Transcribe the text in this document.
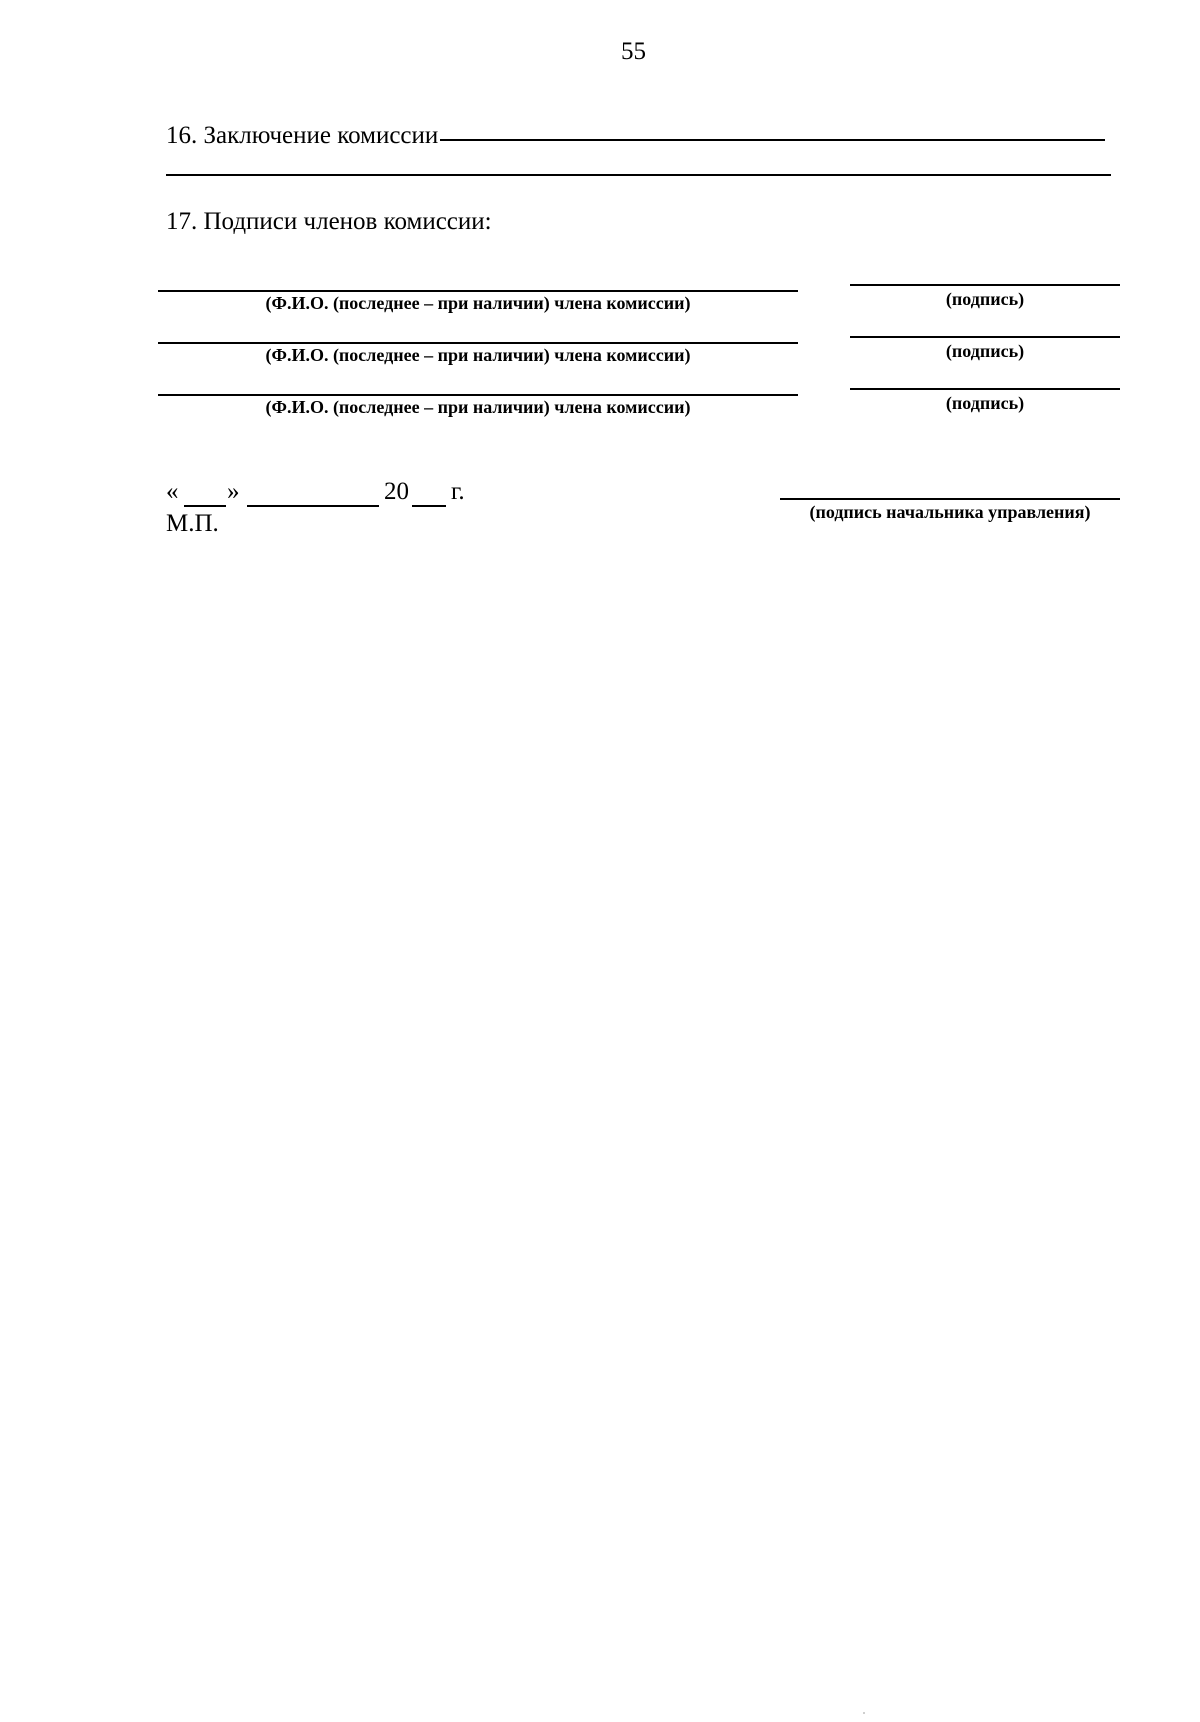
55
16. Заключение комиссии
17. Подписи членов комиссии:
(Ф.И.О. (последнее – при наличии) члена комиссии)	(подпись)
(Ф.И.О. (последнее – при наличии) члена комиссии)	(подпись)
(Ф.И.О. (последнее – при наличии) члена комиссии)	(подпись)
« »	20 г.
М.П.	(подпись начальника управления)
